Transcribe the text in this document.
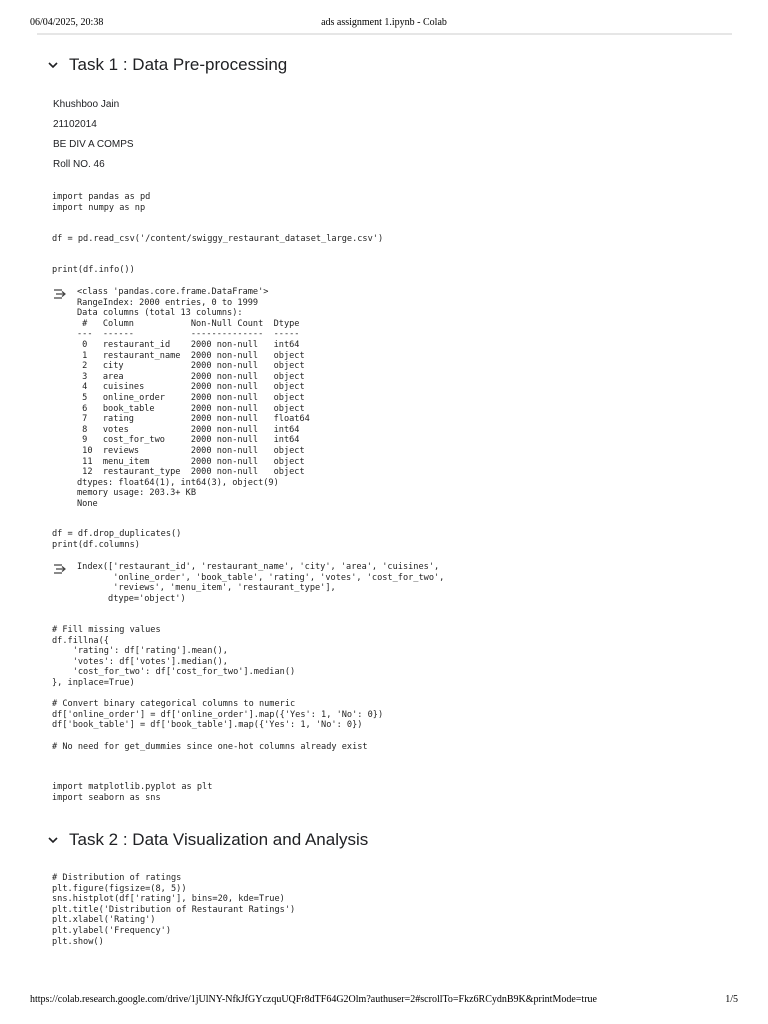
06/04/2025, 20:38	ads assignment 1.ipynb - Colab
Task 1 : Data Pre-processing
Khushboo Jain
21102014
BE DIV A COMPS
Roll NO. 46
import pandas as pd
import numpy as np
df = pd.read_csv('/content/swiggy_restaurant_dataset_large.csv')
print(df.info())
<class 'pandas.core.frame.DataFrame'>
RangeIndex: 2000 entries, 0 to 1999
Data columns (total 13 columns):
#   Column           Non-Null Count  Dtype
---  ------           --------------  -----
0   restaurant_id    2000 non-null   int64
1   restaurant_name  2000 non-null   object
2   city             2000 non-null   object
3   area             2000 non-null   object
4   cuisines         2000 non-null   object
5   online_order     2000 non-null   object
6   book_table       2000 non-null   object
7   rating           2000 non-null   float64
8   votes            2000 non-null   int64
9   cost_for_two     2000 non-null   int64
10  reviews          2000 non-null   object
11  menu_item        2000 non-null   object
12  restaurant_type  2000 non-null   object
dtypes: float64(1), int64(3), object(9)
memory usage: 203.3+ KB
None
df = df.drop_duplicates()
print(df.columns)
Index(['restaurant_id', 'restaurant_name', 'city', 'area', 'cuisines',
'online_order', 'book_table', 'rating', 'votes', 'cost_for_two',
'reviews', 'menu_item', 'restaurant_type'],
dtype='object')
# Fill missing values
df.fillna({
'rating': df['rating'].mean(),
'votes': df['votes'].median(),
'cost_for_two': df['cost_for_two'].median()
}, inplace=True)

# Convert binary categorical columns to numeric
df['online_order'] = df['online_order'].map({'Yes': 1, 'No': 0})
df['book_table'] = df['book_table'].map({'Yes': 1, 'No': 0})

# No need for get_dummies since one-hot columns already exist
import matplotlib.pyplot as plt
import seaborn as sns
Task 2 : Data Visualization and Analysis
# Distribution of ratings
plt.figure(figsize=(8, 5))
sns.histplot(df['rating'], bins=20, kde=True)
plt.title('Distribution of Restaurant Ratings')
plt.xlabel('Rating')
plt.ylabel('Frequency')
plt.show()
https://colab.research.google.com/drive/1jUlNY-NfkJfGYczquUQFr8dTF64G2Olm?authuser=2#scrollTo=Fkz6RCydnB9K&printMode=true	1/5
